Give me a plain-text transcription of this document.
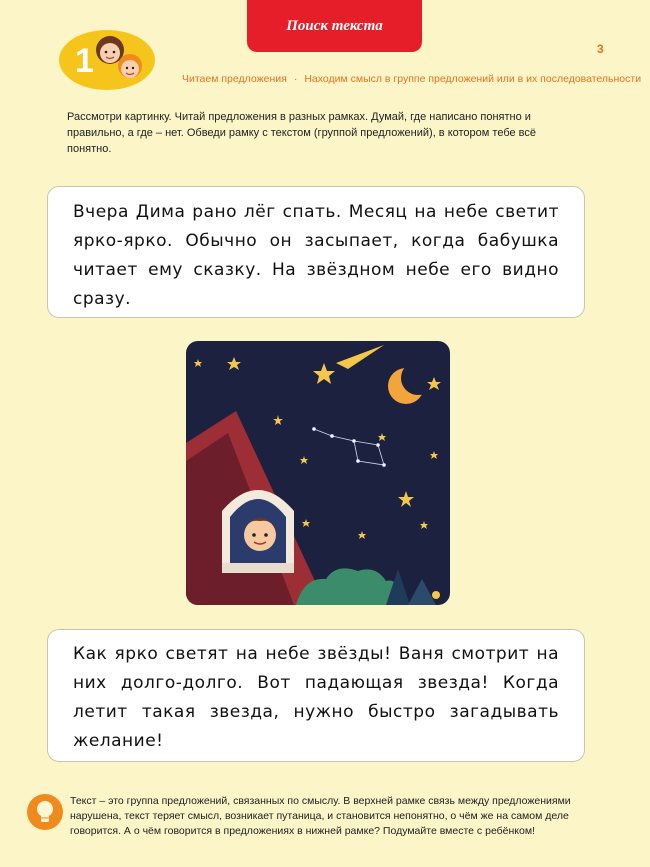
Поиск текста
3
1	Читаем предложения · Находим смысл в группе предложений или в их последовательности
Рассмотри картинку. Читай предложения в разных рамках. Думай, где написано понятно и правильно, а где – нет. Обведи рамку с текстом (группой предложений), в котором тебе всё понятно.

Вчера Дима рано лёг спать. Месяц на небе светит ярко-ярко. Обычно он засыпает, когда бабушка читает ему сказку. На звёздном небе его видно сразу.

Как ярко светят на небе звёзды! Ваня смотрит на них долго-долго. Вот падающая звезда! Когда летит такая звезда, нужно быстро загадывать желание!

Текст – это группа предложений, связанных по смыслу. В верхней рамке связь между предложениями нарушена, текст теряет смысл, возникает путаница, и становится непонятно, о чём же на самом деле говорится. А о чём говорится в предложениях в нижней рамке? Подумайте вместе с ребёнком!
